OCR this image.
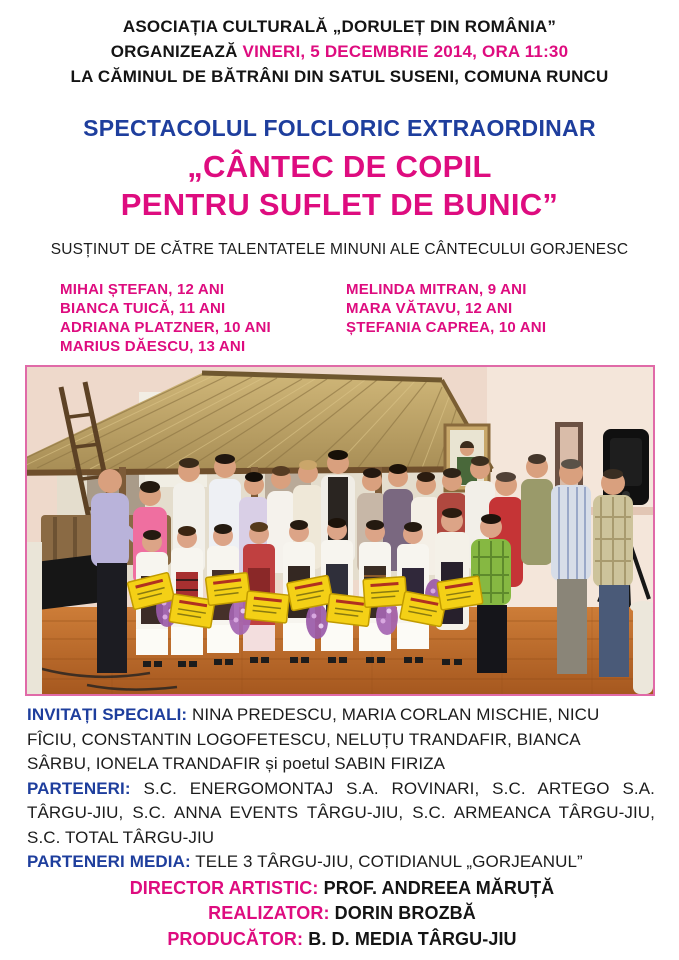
ASOCIAȚIA CULTURALĂ „DORULEȚ DIN ROMÂNIA”

ORGANIZEAZĂ VINERI, 5 DECEMBRIE 2014, ORA 11:30

LA CĂMINUL DE BĂTRÂNI DIN SATUL SUSENI, COMUNA RUNCU

SPECTACOLUL FOLCLORIC EXTRAORDINAR
„CÂNTEC DE COPIL
PENTRU SUFLET DE BUNIC”
SUSȚINUT DE CĂTRE TALENTATELE MINUNI ALE CÂNTECULUI GORJENESC
MIHAI ȘTEFAN, 12 ANI
BIANCA TUICĂ, 11 ANI
ADRIANA PLATZNER, 10 ANI
MARIUS DĂESCU, 13 ANI
MELINDA MITRAN, 9 ANI
MARA VĂTAVU, 12 ANI
ȘTEFANIA CAPREA, 10 ANI

INVITAȚI SPECIALI: NINA PREDESCU, MARIA CORLAN MISCHIE, NICU FÎCIU, CONSTANTIN LOGOFETESCU, NELUȚU TRANDAFIR, BIANCA SÂRBU, IONELA TRANDAFIR și poetul SABIN FIRIZA

PARTENERI: S.C. ENERGOMONTAJ S.A. ROVINARI, S.C. ARTEGO S.A. TÂRGU-JIU, S.C. ANNA EVENTS TÂRGU-JIU, S.C. ARMEANCA TÂRGU-JIU, S.C. TOTAL TÂRGU-JIU

PARTENERI MEDIA: TELE 3 TÂRGU-JIU, COTIDIANUL „GORJEANUL”

DIRECTOR ARTISTIC: PROF. ANDREEA MĂRUȚĂ

REALIZATOR: DORIN BROZBĂ

PRODUCĂTOR: B. D. MEDIA TÂRGU-JIU
